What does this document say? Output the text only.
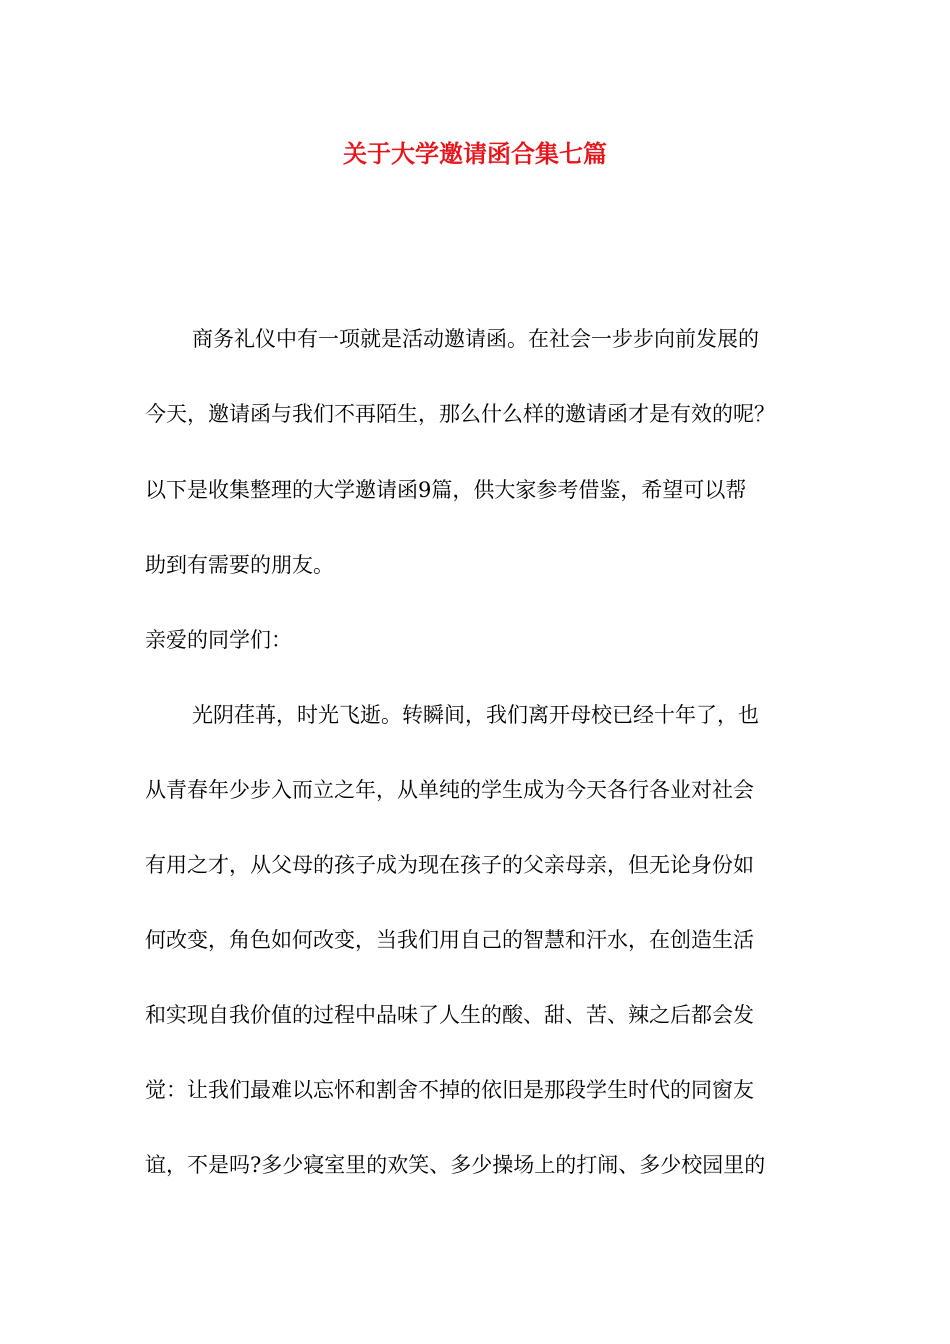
关于大学邀请函合集七篇
商务礼仪中有一项就是活动邀请函。在社会一步步向前发展的
今天，邀请函与我们不再陌生，那么什么样的邀请函才是有效的呢？
以下是收集整理的大学邀请函9篇，供大家参考借鉴，希望可以帮
助到有需要的朋友。
亲爱的同学们：
光阴荏苒，时光飞逝。转瞬间，我们离开母校已经十年了，也
从青春年少步入而立之年，从单纯的学生成为今天各行各业对社会
有用之才，从父母的孩子成为现在孩子的父亲母亲，但无论身份如
何改变，角色如何改变，当我们用自己的智慧和汗水，在创造生活
和实现自我价值的过程中品味了人生的酸、甜、苦、辣之后都会发
觉：让我们最难以忘怀和割舍不掉的依旧是那段学生时代的同窗友
谊，不是吗?多少寝室里的欢笑、多少操场上的打闹、多少校园里的
